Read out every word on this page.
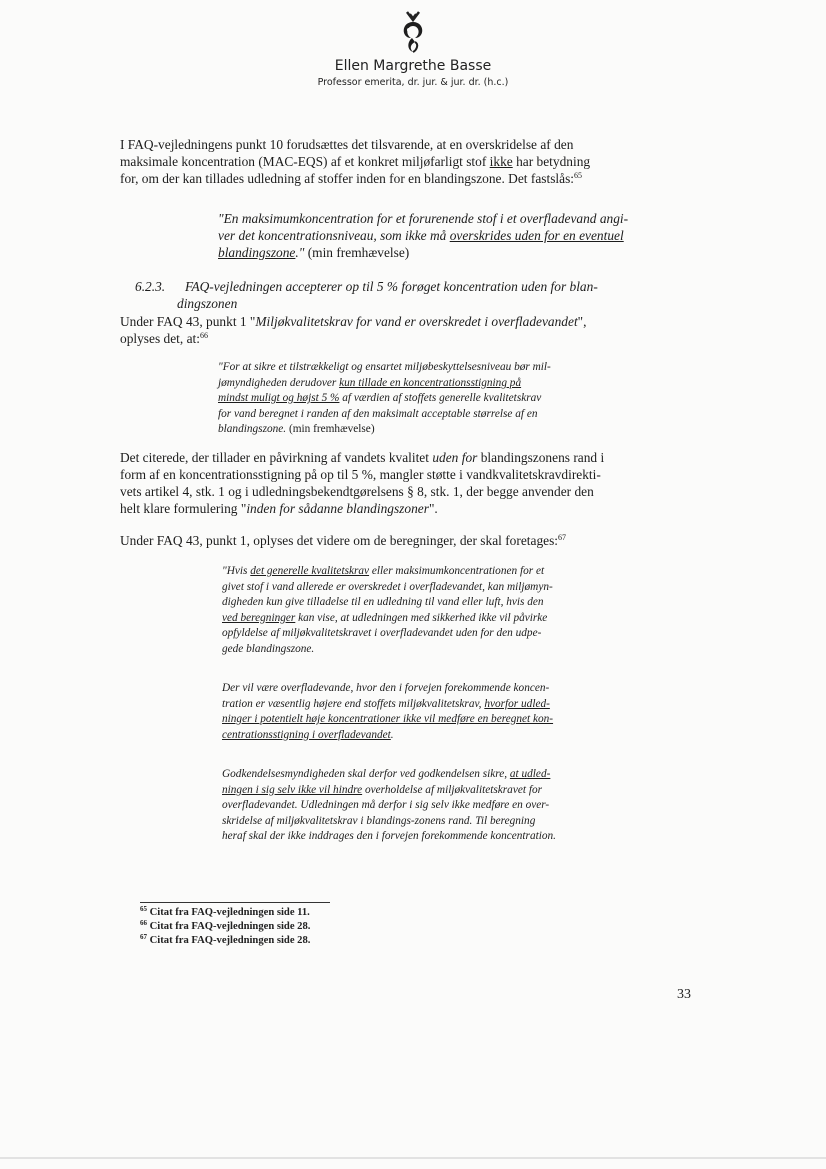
Ellen Margrethe Basse
Professor emerita, dr. jur. & jur. dr. (h.c.)
I FAQ-vejledningens punkt 10 forudsættes det tilsvarende, at en overskridelse af den
maksimale koncentration (MAC-EQS) af et konkret miljøfarligt stof ikke har betydning
for, om der kan tillades udledning af stoffer inden for en blandingszone. Det fastslås:$^{65}$
"En maksimumkoncentration for et forurenende stof i et overfladevand angi-
ver det koncentrationsniveau, som ikke må overskrides uden for en eventuel
blandingszone." (min fremhævelse)
6.2.3. FAQ-vejledningen accepterer op til 5 % forøget koncentration uden for blan-
dingszonen
Under FAQ 43, punkt 1 "Miljøkvalitetskrav for vand er overskredet i overfladevandet",
oplyses det, at:$^{66}$
"For at sikre et tilstrækkeligt og ensartet miljøbeskyttelsesniveau bør mil-
jømyndigheden derudover kun tillade en koncentrationsstigning på
mindst muligt og højst 5 % af værdien af stoffets generelle kvalitetskrav
for vand beregnet i randen af den maksimalt acceptable størrelse af en
blandingszone. (min fremhævelse)
Det citerede, der tillader en påvirkning af vandets kvalitet uden for blandingszonens rand i
form af en koncentrationsstigning på op til 5 %, mangler støtte i vandkvalitetskravdirekti-
vets artikel 4, stk. 1 og i udledningsbekendtgørelsens § 8, stk. 1, der begge anvender den
helt klare formulering "inden for sådanne blandingszoner".
Under FAQ 43, punkt 1, oplyses det videre om de beregninger, der skal foretages:$^{67}$
"Hvis det generelle kvalitetskrav eller maksimumkoncentrationen for et
givet stof i vand allerede er overskredet i overfladevandet, kan miljømyn-
digheden kun give tilladelse til en udledning til vand eller luft, hvis den
ved beregninger kan vise, at udledningen med sikkerhed ikke vil påvirke
opfyldelse af miljøkvalitetskravet i overfladevandet uden for den udpe-
gede blandingszone.
Der vil være overfladevande, hvor den i forvejen forekommende koncen-
tration er væsentlig højere end stoffets miljøkvalitetskrav, hvorfor udled-
ninger i potentielt høje koncentrationer ikke vil medføre en beregnet kon-
centrationsstigning i overfladevandet.
Godkendelsesmyndigheden skal derfor ved godkendelsen sikre, at udled-
ningen i sig selv ikke vil hindre overholdelse af miljøkvalitetskravet for
overfladevandet. Udledningen må derfor i sig selv ikke medføre en over-
skridelse af miljøkvalitetskrav i blandings-zonens rand. Til beregning
heraf skal der ikke inddrages den i forvejen forekommende koncentration.
$^{65}$ Citat fra FAQ-vejledningen side 11.
$^{66}$ Citat fra FAQ-vejledningen side 28.
$^{67}$ Citat fra FAQ-vejledningen side 28.
33
